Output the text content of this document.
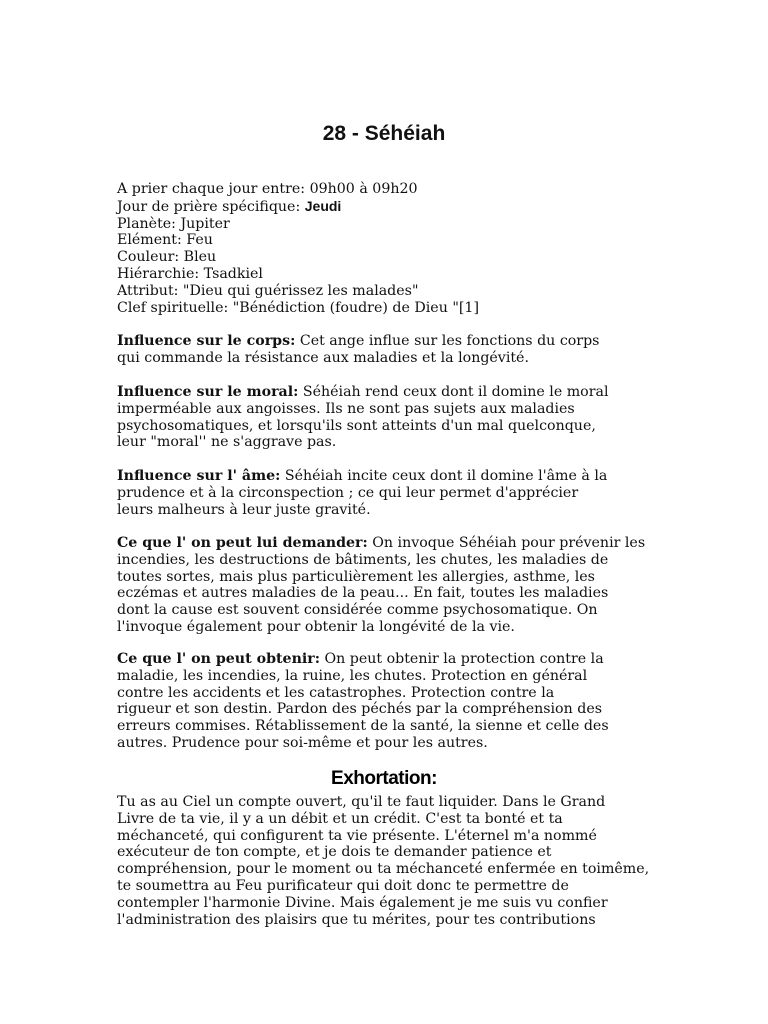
28 - Séhéiah
A prier chaque jour entre: 09h00 à 09h20
Jour de prière spécifique: Jeudi
Planète: Jupiter
Elément: Feu
Couleur: Bleu
Hiérarchie: Tsadkiel
Attribut: "Dieu qui guérissez les malades"
Clef spirituelle: "Bénédiction (foudre) de Dieu "[1]

Influence sur le corps: Cet ange influe sur les fonctions du corps

qui commande la résistance aux maladies et la longévité.

Influence sur le moral: Séhéiah rend ceux dont il domine le moral

imperméable aux angoisses. Ils ne sont pas sujets aux maladies

psychosomatiques, et lorsqu'ils sont atteints d'un mal quelconque,

leur "moral'' ne s'aggrave pas.

Influence sur l' âme: Séhéiah incite ceux dont il domine l'âme à la

prudence et à la circonspection ; ce qui leur permet d'apprécier

leurs malheurs à leur juste gravité.

Ce que l' on peut lui demander: On invoque Séhéiah pour prévenir les

incendies, les destructions de bâtiments, les chutes, les maladies de

toutes sortes, mais plus particulièrement les allergies, asthme, les

eczémas et autres maladies de la peau... En fait, toutes les maladies

dont la cause est souvent considérée comme psychosomatique. On

l'invoque également pour obtenir la longévité de la vie.

Ce que l' on peut obtenir: On peut obtenir la protection contre la

maladie, les incendies, la ruine, les chutes. Protection en général

contre les accidents et les catastrophes. Protection contre la

rigueur et son destin. Pardon des péchés par la compréhension des

erreurs commises. Rétablissement de la santé, la sienne et celle des

autres. Prudence pour soi-même et pour les autres.

Exhortation:

Tu as au Ciel un compte ouvert, qu'il te faut liquider. Dans le Grand

Livre de ta vie, il y a un débit et un crédit. C'est ta bonté et ta

méchanceté, qui configurent ta vie présente. L'éternel m'a nommé

exécuteur de ton compte, et je dois te demander patience et

compréhension, pour le moment ou ta méchanceté enfermée en toimême,

te soumettra au Feu purificateur qui doit donc te permettre de

contempler l'harmonie Divine. Mais également je me suis vu confier

l'administration des plaisirs que tu mérites, pour tes contributions
